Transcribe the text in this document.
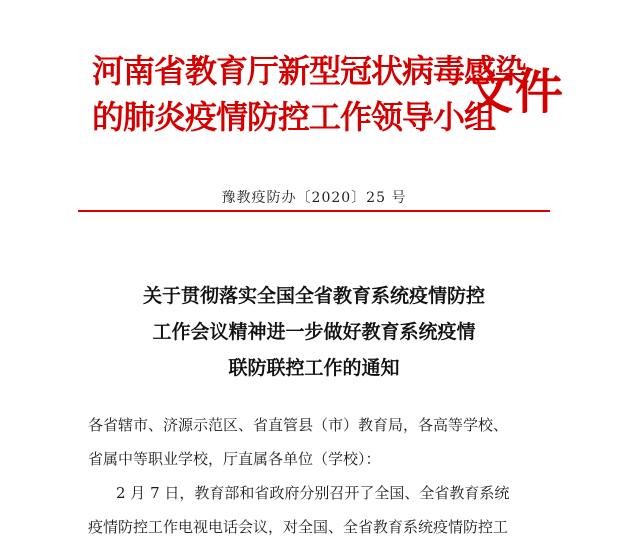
河南省教育厅新型冠状病毒感染
的肺炎疫情防控工作领导小组
文件
豫教疫防办〔2020〕25 号
关于贯彻落实全国全省教育系统疫情防控
工作会议精神进一步做好教育系统疫情
联防联控工作的通知
各省辖市、济源示范区、省直管县（市）教育局，各高等学校、
省属中等职业学校，厅直属各单位（学校）：
2 月 7 日，教育部和省政府分别召开了全国、全省教育系统
疫情防控工作电视电话会议，对全国、全省教育系统疫情防控工
